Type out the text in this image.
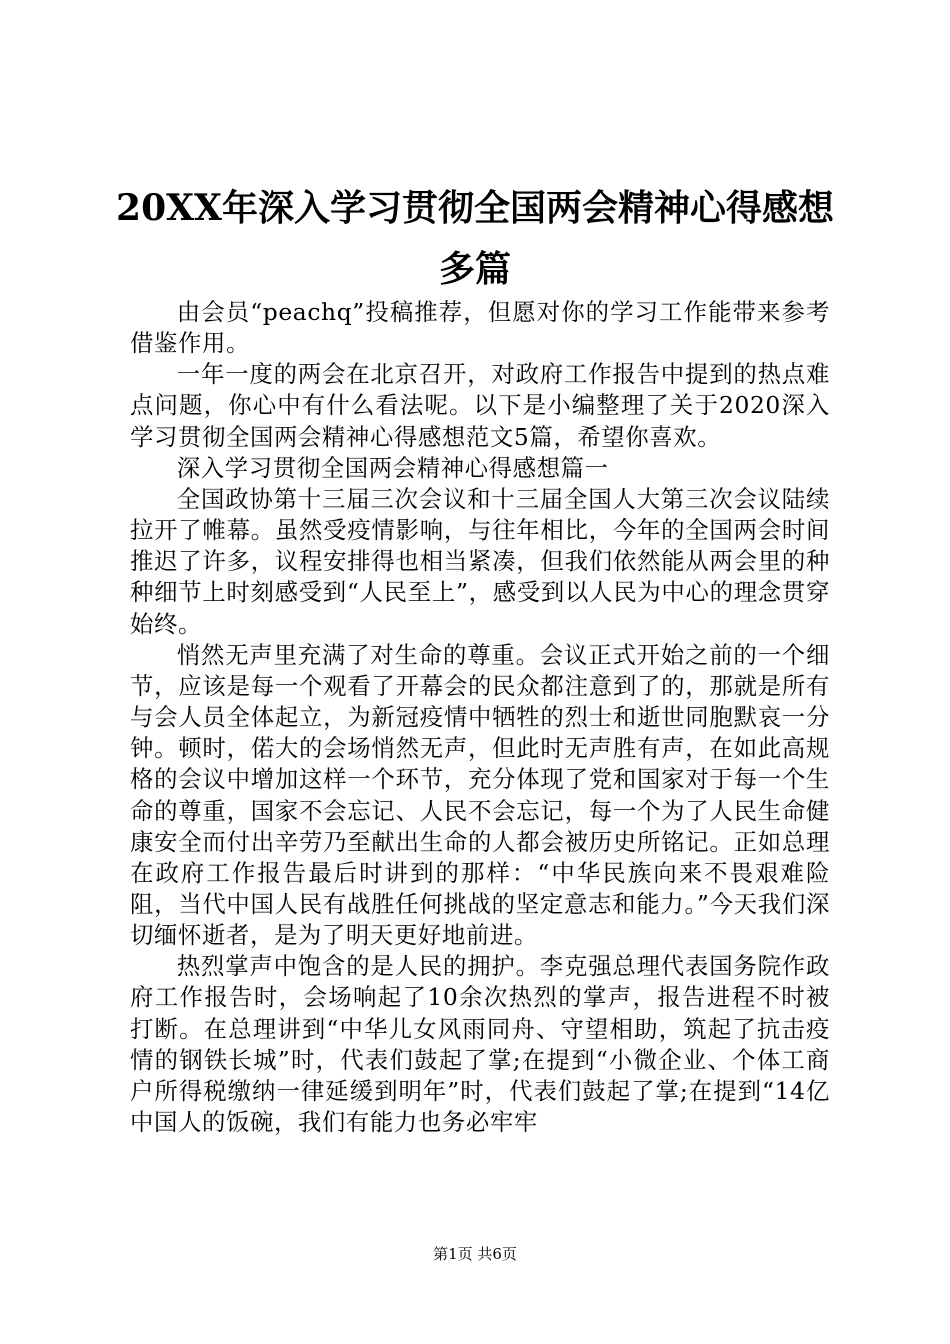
20XX年深入学习贯彻全国两会精神心得感想
多篇

由会员“peachq”投稿推荐，但愿对你的学习工作能带来参考借鉴作用。

一年一度的两会在北京召开，对政府工作报告中提到的热点难点问题，你心中有什么看法呢。以下是小编整理了关于2020深入学习贯彻全国两会精神心得感想范文5篇，希望你喜欢。

深入学习贯彻全国两会精神心得感想篇一

全国政协第十三届三次会议和十三届全国人大第三次会议陆续拉开了帷幕。虽然受疫情影响，与往年相比，今年的全国两会时间推迟了许多，议程安排得也相当紧凑，但我们依然能从两会里的种种细节上时刻感受到“人民至上”，感受到以人民为中心的理念贯穿始终。

悄然无声里充满了对生命的尊重。会议正式开始之前的一个细节，应该是每一个观看了开幕会的民众都注意到了的，那就是所有与会人员全体起立，为新冠疫情中牺牲的烈士和逝世同胞默哀一分钟。顿时，偌大的会场悄然无声，但此时无声胜有声，在如此高规格的会议中增加这样一个环节，充分体现了党和国家对于每一个生命的尊重，国家不会忘记、人民不会忘记，每一个为了人民生命健康安全而付出辛劳乃至献出生命的人都会被历史所铭记。正如总理在政府工作报告最后时讲到的那样：“中华民族向来不畏艰难险阻，当代中国人民有战胜任何挑战的坚定意志和能力。”今天我们深切缅怀逝者，是为了明天更好地前进。

热烈掌声中饱含的是人民的拥护。李克强总理代表国务院作政府工作报告时，会场响起了10余次热烈的掌声，报告进程不时被打断。在总理讲到“中华儿女风雨同舟、守望相助，筑起了抗击疫情的钢铁长城”时，代表们鼓起了掌;在提到“小微企业、个体工商户所得税缴纳一律延缓到明年”时，代表们鼓起了掌;在提到“14亿中国人的饭碗，我们有能力也务必牢牢

第1页 共6页
